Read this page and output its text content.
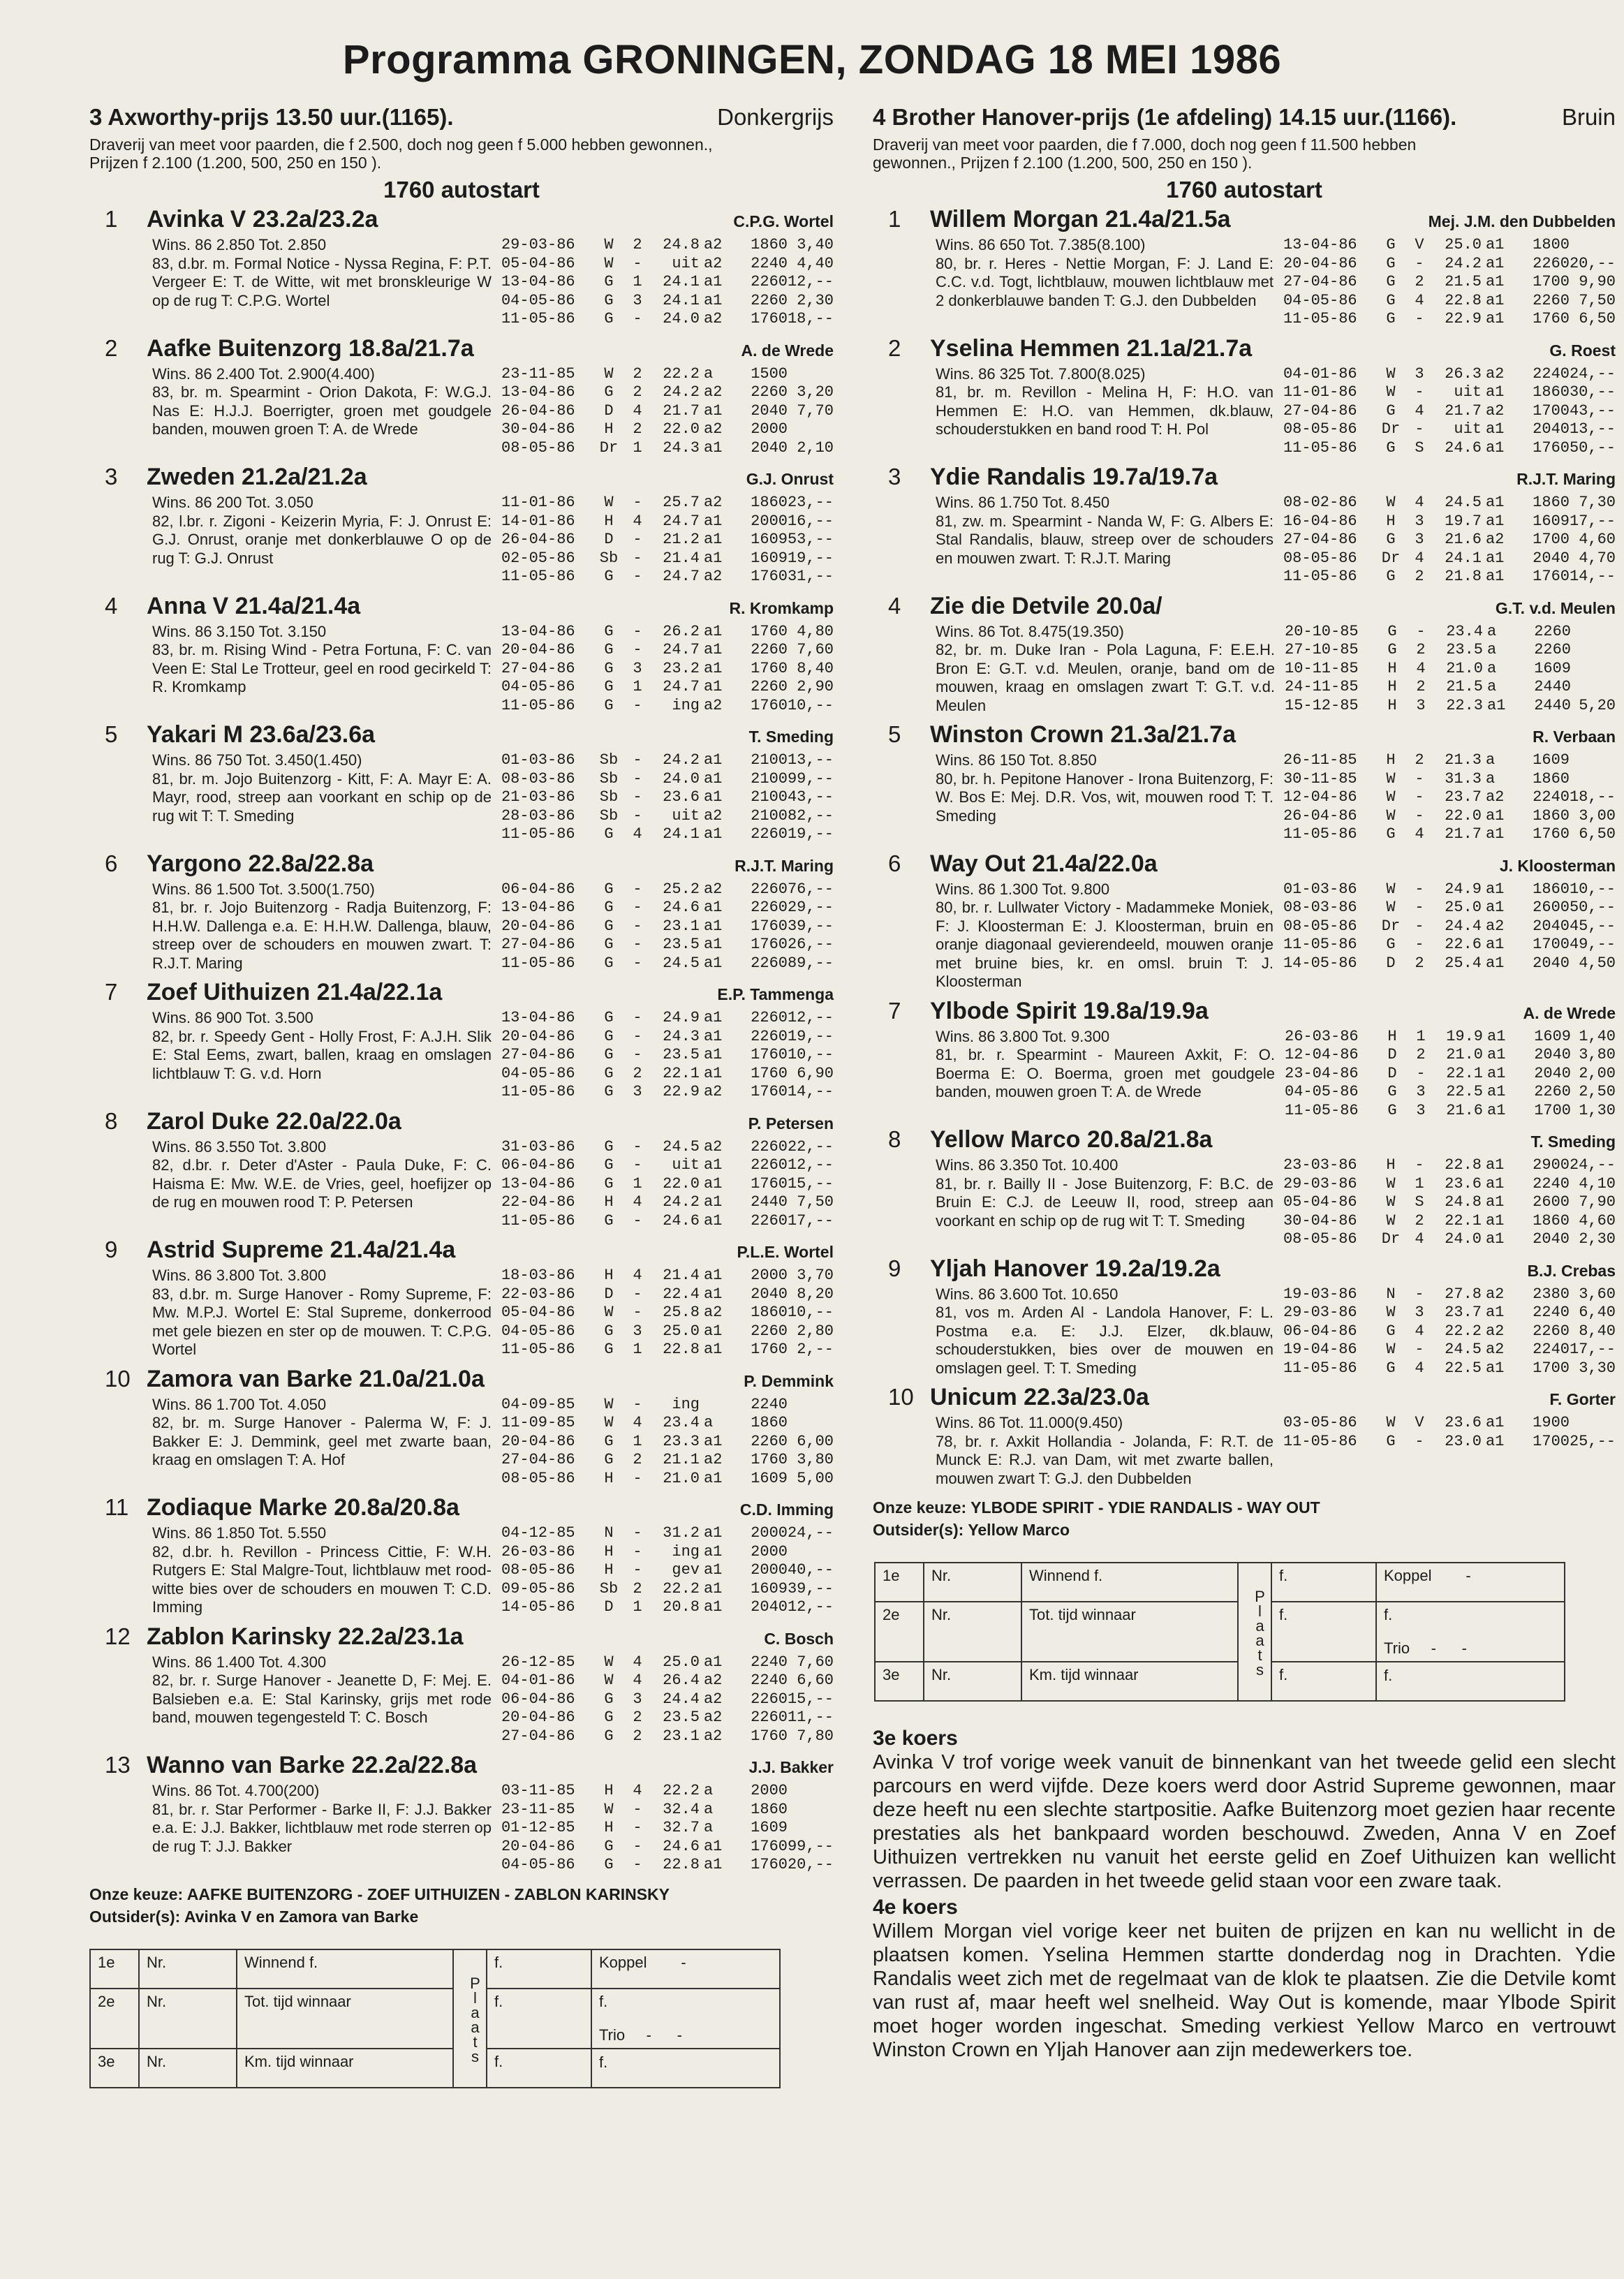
Programma GRONINGEN, ZONDAG 18 MEI 1986
3 Axworthy-prijs 13.50 uur.(1165).	Donkergrijs
Draverij van meet voor paarden, die f 2.500, doch nog geen f 5.000 hebben gewonnen., Prijzen f 2.100 (1.200, 500, 250 en 150 ).
1760 autostart
1	Avinka V 23.2a/23.2a	C.P.G. Wortel
Wins. 86 2.850 Tot. 2.850
83, d.br. m. Formal Notice - Nyssa Regina, F: P.T. Vergeer E: T. de Witte, wit met bronskleurige W op de rug T: C.P.G. Wortel
29-03-86	W	2	24.8 a2	1860 3,40
05-04-86	W	-	uit a2	2240 4,40
13-04-86	G	1	24.1 a1	2260 12,--
04-05-86	G	3	24.1 a1	2260 2,30
11-05-86	G	-	24.0 a2	1760 18,--
2	Aafke Buitenzorg 18.8a/21.7a	A. de Wrede
Wins. 86 2.400 Tot. 2.900(4.400)
83, br. m. Spearmint - Orion Dakota, F: W.G.J. Nas E: H.J.J. Boerrigter, groen met goudgele banden, mouwen groen T: A. de Wrede
23-11-85	W	2	22.2 a	1500
13-04-86	G	2	24.2 a2	2260 3,20
26-04-86	D	4	21.7 a1	2040 7,70
30-04-86	H	2	22.0 a2	2000
08-05-86	Dr 1	24.3 a1	2040 2,10
3	Zweden 21.2a/21.2a	G.J. Onrust
Wins. 86 200 Tot. 3.050
82, l.br. r. Zigoni - Keizerin Myria, F: J. Onrust E: G.J. Onrust, oranje met donkerblauwe O op de rug T: G.J. Onrust
11-01-86	W	-	25.7 a2	1860 23,--
14-01-86	H	4	24.7 a1	2000 16,--
26-04-86	D	-	21.2 a1	1609 53,--
02-05-86	Sb -	21.4 a1	1609 19,--
11-05-86	G	-	24.7 a2	1760 31,--
4	Anna V 21.4a/21.4a	R. Kromkamp
Wins. 86 3.150 Tot. 3.150
83, br. m. Rising Wind - Petra Fortuna, F: C. van Veen E: Stal Le Trotteur, geel en rood gecirkeld T: R. Kromkamp
13-04-86	G	-	26.2 a1	1760 4,80
20-04-86	G	-	24.7 a1	2260 7,60
27-04-86	G	3	23.2 a1	1760 8,40
04-05-86	G	1	24.7 a1	2260 2,90
11-05-86	G	-	ing a2	1760 10,--
5	Yakari M 23.6a/23.6a	T. Smeding
Wins. 86 750 Tot. 3.450(1.450)
81, br. m. Jojo Buitenzorg - Kitt, F: A. Mayr E: A. Mayr, rood, streep aan voorkant en schip op de rug wit T: T. Smeding
01-03-86	Sb -	24.2 a1	2100 13,--
08-03-86	Sb -	24.0 a1	2100 99,--
21-03-86	Sb -	23.6 a1	2100 43,--
28-03-86	Sb -	uit a2	2100 82,--
11-05-86	G	4	24.1 a1	2260 19,--
6	Yargono 22.8a/22.8a	R.J.T. Maring
Wins. 86 1.500 Tot. 3.500(1.750)
81, br. r. Jojo Buitenzorg - Radja Buitenzorg, F: H.H.W. Dallenga e.a. E: H.H.W. Dallenga, blauw, streep over de schouders en mouwen zwart. T: R.J.T. Maring
06-04-86	G	-	25.2 a2	2260 76,--
13-04-86	G	-	24.6 a1	2260 29,--
20-04-86	G	-	23.1 a1	1760 39,--
27-04-86	G	-	23.5 a1	1760 26,--
11-05-86	G	-	24.5 a1	2260 89,--
7	Zoef Uithuizen 21.4a/22.1a	E.P. Tammenga
Wins. 86 900 Tot. 3.500
82, br. r. Speedy Gent - Holly Frost, F: A.J.H. Slik E: Stal Eems, zwart, ballen, kraag en omslagen lichtblauw T: G. v.d. Horn
13-04-86	G	-	24.9 a1	2260 12,--
20-04-86	G	-	24.3 a1	2260 19,--
27-04-86	G	-	23.5 a1	1760 10,--
04-05-86	G	2	22.1 a1	1760 6,90
11-05-86	G	3	22.9 a2	1760 14,--
8	Zarol Duke 22.0a/22.0a	P. Petersen
Wins. 86 3.550 Tot. 3.800
82, d.br. r. Deter d'Aster - Paula Duke, F: C. Haisma E: Mw. W.E. de Vries, geel, hoefijzer op de rug en mouwen rood T: P. Petersen
31-03-86	G	-	24.5 a2	2260 22,--
06-04-86	G	-	uit a1	2260 12,--
13-04-86	G	1	22.0 a1	1760 15,--
22-04-86	H	4	24.2 a1	2440 7,50
11-05-86	G	-	24.6 a1	2260 17,--
9	Astrid Supreme 21.4a/21.4a	P.L.E. Wortel
Wins. 86 3.800 Tot. 3.800
83, d.br. m. Surge Hanover - Romy Supreme, F: Mw. M.P.J. Wortel E: Stal Supreme, donkerrood met gele biezen en ster op de mouwen. T: C.P.G. Wortel
18-03-86	H	4	21.4 a1	2000 3,70
22-03-86	D	-	22.4 a1	2040 8,20
05-04-86	W	-	25.8 a2	1860 10,--
04-05-86	G	3	25.0 a1	2260 2,80
11-05-86	G	1	22.8 a1	1760 2,--
10 Zamora van Barke 21.0a/21.0a	P. Demmink
Wins. 86 1.700 Tot. 4.050
82, br. m. Surge Hanover - Palerma W, F: J. Bakker E: J. Demmink, geel met zwarte baan, kraag en omslagen T: A. Hof
04-09-85	W	-	ing	2240
11-09-85	W	4	23.4 a	1860
20-04-86	G	1	23.3 a1	2260 6,00
27-04-86	G	2	21.1 a2	1760 3,80
08-05-86	H	-	21.0 a1	1609 5,00
11 Zodiaque Marke 20.8a/20.8a	C.D. Imming
Wins. 86 1.850 Tot. 5.550
82, d.br. h. Revillon - Princess Cittie, F: W.H. Rutgers E: Stal Malgre-Tout, lichtblauw met rood-witte bies over de schouders en mouwen T: C.D. Imming
04-12-85	N	-	31.2 a1	2000 24,--
26-03-86	H	-	ing a1	2000
08-05-86	H	-	gev a1	2000 40,--
09-05-86	Sb 2	22.2 a1	1609 39,--
14-05-86	D	1	20.8 a1	2040 12,--
12 Zablon Karinsky 22.2a/23.1a	C. Bosch
Wins. 86 1.400 Tot. 4.300
82, br. r. Surge Hanover - Jeanette D, F: Mej. E. Balsieben e.a. E: Stal Karinsky, grijs met rode band, mouwen tegengesteld T: C. Bosch
26-12-85	W	4	25.0 a1	2240 7,60
04-01-86	W	4	26.4 a2	2240 6,60
06-04-86	G	3	24.4 a2	2260 15,--
20-04-86	G	2	23.5 a2	2260 11,--
27-04-86	G	2	23.1 a2	1760 7,80
13 Wanno van Barke 22.2a/22.8a	J.J. Bakker
Wins. 86 Tot. 4.700(200)
81, br. r. Star Performer - Barke II, F: J.J. Bakker e.a. E: J.J. Bakker, lichtblauw met rode sterren op de rug T: J.J. Bakker
03-11-85	H	4	22.2 a	2000
23-11-85	W	-	32.4 a	1860
01-12-85	H	-	32.7 a	1609
20-04-86	G	-	24.6 a1	1760 99,--
04-05-86	G	-	22.8 a1	1760 20,--
Onze keuze: AAFKE BUITENZORG - ZOEF UITHUIZEN - ZABLON KARINSKY
Outsider(s): Avinka V en Zamora van Barke
1e	Nr.	Winnend f.	Plaats	f.	Koppel        -
2e	Nr.	Tot. tijd winnaar		f.	f.

Trio     -      -
3e	Nr.	Km. tijd winnaar		f.	f.
4 Brother Hanover-prijs (1e afdeling) 14.15 uur.(1166).	Bruin
Draverij van meet voor paarden, die f 7.000, doch nog geen f 11.500 hebben gewonnen., Prijzen f 2.100 (1.200, 500, 250 en 150 ).
1760 autostart
1	Willem Morgan 21.4a/21.5a	Mej. J.M. den Dubbelden
Wins. 86 650 Tot. 7.385(8.100)
80, br. r. Heres - Nettie Morgan, F: J. Land E: C.C. v.d. Togt, lichtblauw, mouwen lichtblauw met 2 donkerblauwe banden T: G.J. den Dubbelden
13-04-86	G	V	25.0 a1	1800
20-04-86	G	-	24.2 a1	2260 20,--
27-04-86	G	2	21.5 a1	1700 9,90
04-05-86	G	4	22.8 a1	2260 7,50
11-05-86	G	-	22.9 a1	1760 6,50
2	Yselina Hemmen 21.1a/21.7a	G. Roest
Wins. 86 325 Tot. 7.800(8.025)
81, br. m. Revillon - Melina H, F: H.O. van Hemmen E: H.O. van Hemmen, dk.blauw, schouderstukken en band rood T: H. Pol
04-01-86	W	3	26.3 a2	2240 24,--
11-01-86	W	-	uit a1	1860 30,--
27-04-86	G	4	21.7 a2	1700 43,--
08-05-86	Dr -	uit a1	2040 13,--
11-05-86	G	S	24.6 a1	1760 50,--
3	Ydie Randalis 19.7a/19.7a	R.J.T. Maring
Wins. 86 1.750 Tot. 8.450
81, zw. m. Spearmint - Nanda W, F: G. Albers E: Stal Randalis, blauw, streep over de schouders en mouwen zwart. T: R.J.T. Maring
08-02-86	W	4	24.5 a1	1860 7,30
16-04-86	H	3	19.7 a1	1609 17,--
27-04-86	G	3	21.6 a2	1700 4,60
08-05-86	Dr 4	24.1 a1	2040 4,70
11-05-86	G	2	21.8 a1	1760 14,--
4	Zie die Detvile 20.0a/	G.T. v.d. Meulen
Wins. 86 Tot. 8.475(19.350)
82, br. m. Duke Iran - Pola Laguna, F: E.E.H. Bron E: G.T. v.d. Meulen, oranje, band om de mouwen, kraag en omslagen zwart T: G.T. v.d. Meulen
20-10-85	G	-	23.4 a	2260
27-10-85	G	2	23.5 a	2260
10-11-85	H	4	21.0 a	1609
24-11-85	H	2	21.5 a	2440
15-12-85	H	3	22.3 a1	2440 5,20
5	Winston Crown 21.3a/21.7a	R. Verbaan
Wins. 86 150 Tot. 8.850
80, br. h. Pepitone Hanover - Irona Buitenzorg, F: W. Bos E: Mej. D.R. Vos, wit, mouwen rood T: T. Smeding
26-11-85	H	2	21.3 a	1609
30-11-85	W	-	31.3 a	1860
12-04-86	W	-	23.7 a2	2240 18,--
26-04-86	W	-	22.0 a1	1860 3,00
11-05-86	G	4	21.7 a1	1760 6,50
6	Way Out 21.4a/22.0a	J. Kloosterman
Wins. 86 1.300 Tot. 9.800
80, br. r. Lullwater Victory - Madammeke Moniek, F: J. Kloosterman E: J. Kloosterman, bruin en oranje diagonaal gevierendeeld, mouwen oranje met bruine bies, kr. en omsl. bruin T: J. Kloosterman
01-03-86	W	-	24.9 a1	1860 10,--
08-03-86	W	-	25.0 a1	2600 50,--
08-05-86	Dr -	24.4 a2	2040 45,--
11-05-86	G	-	22.6 a1	1700 49,--
14-05-86	D	2	25.4 a1	2040 4,50
7	Ylbode Spirit 19.8a/19.9a	A. de Wrede
Wins. 86 3.800 Tot. 9.300
81, br. r. Spearmint - Maureen Axkit, F: O. Boerma E: O. Boerma, groen met goudgele banden, mouwen groen T: A. de Wrede
26-03-86	H	1	19.9 a1	1609 1,40
12-04-86	D	2	21.0 a1	2040 3,80
23-04-86	D	-	22.1 a1	2040 2,00
04-05-86	G	3	22.5 a1	2260 2,50
11-05-86	G	3	21.6 a1	1700 1,30
8	Yellow Marco 20.8a/21.8a	T. Smeding
Wins. 86 3.350 Tot. 10.400
81, br. r. Bailly II - Jose Buitenzorg, F: B.C. de Bruin E: C.J. de Leeuw II, rood, streep aan voorkant en schip op de rug wit T: T. Smeding
23-03-86	H	-	22.8 a1	2900 24,--
29-03-86	W	1	23.6 a1	2240 4,10
05-04-86	W	S	24.8 a1	2600 7,90
30-04-86	W	2	22.1 a1	1860 4,60
08-05-86	Dr 4	24.0 a1	2040 2,30
9	Yljah Hanover 19.2a/19.2a	B.J. Crebas
Wins. 86 3.600 Tot. 10.650
81, vos m. Arden Al - Landola Hanover, F: L. Postma e.a. E: J.J. Elzer, dk.blauw, schouderstukken, bies over de mouwen en omslagen geel. T: T. Smeding
19-03-86	N	-	27.8 a2	2380 3,60
29-03-86	W	3	23.7 a1	2240 6,40
06-04-86	G	4	22.2 a2	2260 8,40
19-04-86	W	-	24.5 a2	2240 17,--
11-05-86	G	4	22.5 a1	1700 3,30
10 Unicum 22.3a/23.0a	F. Gorter
Wins. 86 Tot. 11.000(9.450)
78, br. r. Axkit Hollandia - Jolanda, F: R.T. de Munck E: R.J. van Dam, wit met zwarte ballen, mouwen zwart T: G.J. den Dubbelden
03-05-86	W	V	23.6 a1	1900
11-05-86	G	-	23.0 a1	1700 25,--
Onze keuze: YLBODE SPIRIT - YDIE RANDALIS - WAY OUT
Outsider(s): Yellow Marco
1e	Nr.	Winnend f.	Plaats	f.	Koppel        -
2e	Nr.	Tot. tijd winnaar		f.	f.

Trio     -      -
3e	Nr.	Km. tijd winnaar		f.	f.
3e koers
Avinka V trof vorige week vanuit de binnenkant van het tweede gelid een slecht parcours en werd vijfde. Deze koers werd door Astrid Supreme gewonnen, maar deze heeft nu een slechte startpositie. Aafke Buitenzorg moet gezien haar recente prestaties als het bankpaard worden beschouwd. Zweden, Anna V en Zoef Uithuizen vertrekken nu vanuit het eerste gelid en Zoef Uithuizen kan wellicht verrassen. De paarden in het tweede gelid staan voor een zware taak.
4e koers
Willem Morgan viel vorige keer net buiten de prijzen en kan nu wellicht in de plaatsen komen. Yselina Hemmen startte donderdag nog in Drachten. Ydie Randalis weet zich met de regelmaat van de klok te plaatsen. Zie die Detvile komt van rust af, maar heeft wel snelheid. Way Out is komende, maar Ylbode Spirit moet hoger worden ingeschat. Smeding verkiest Yellow Marco en vertrouwt Winston Crown en Yljah Hanover aan zijn medewerkers toe.
